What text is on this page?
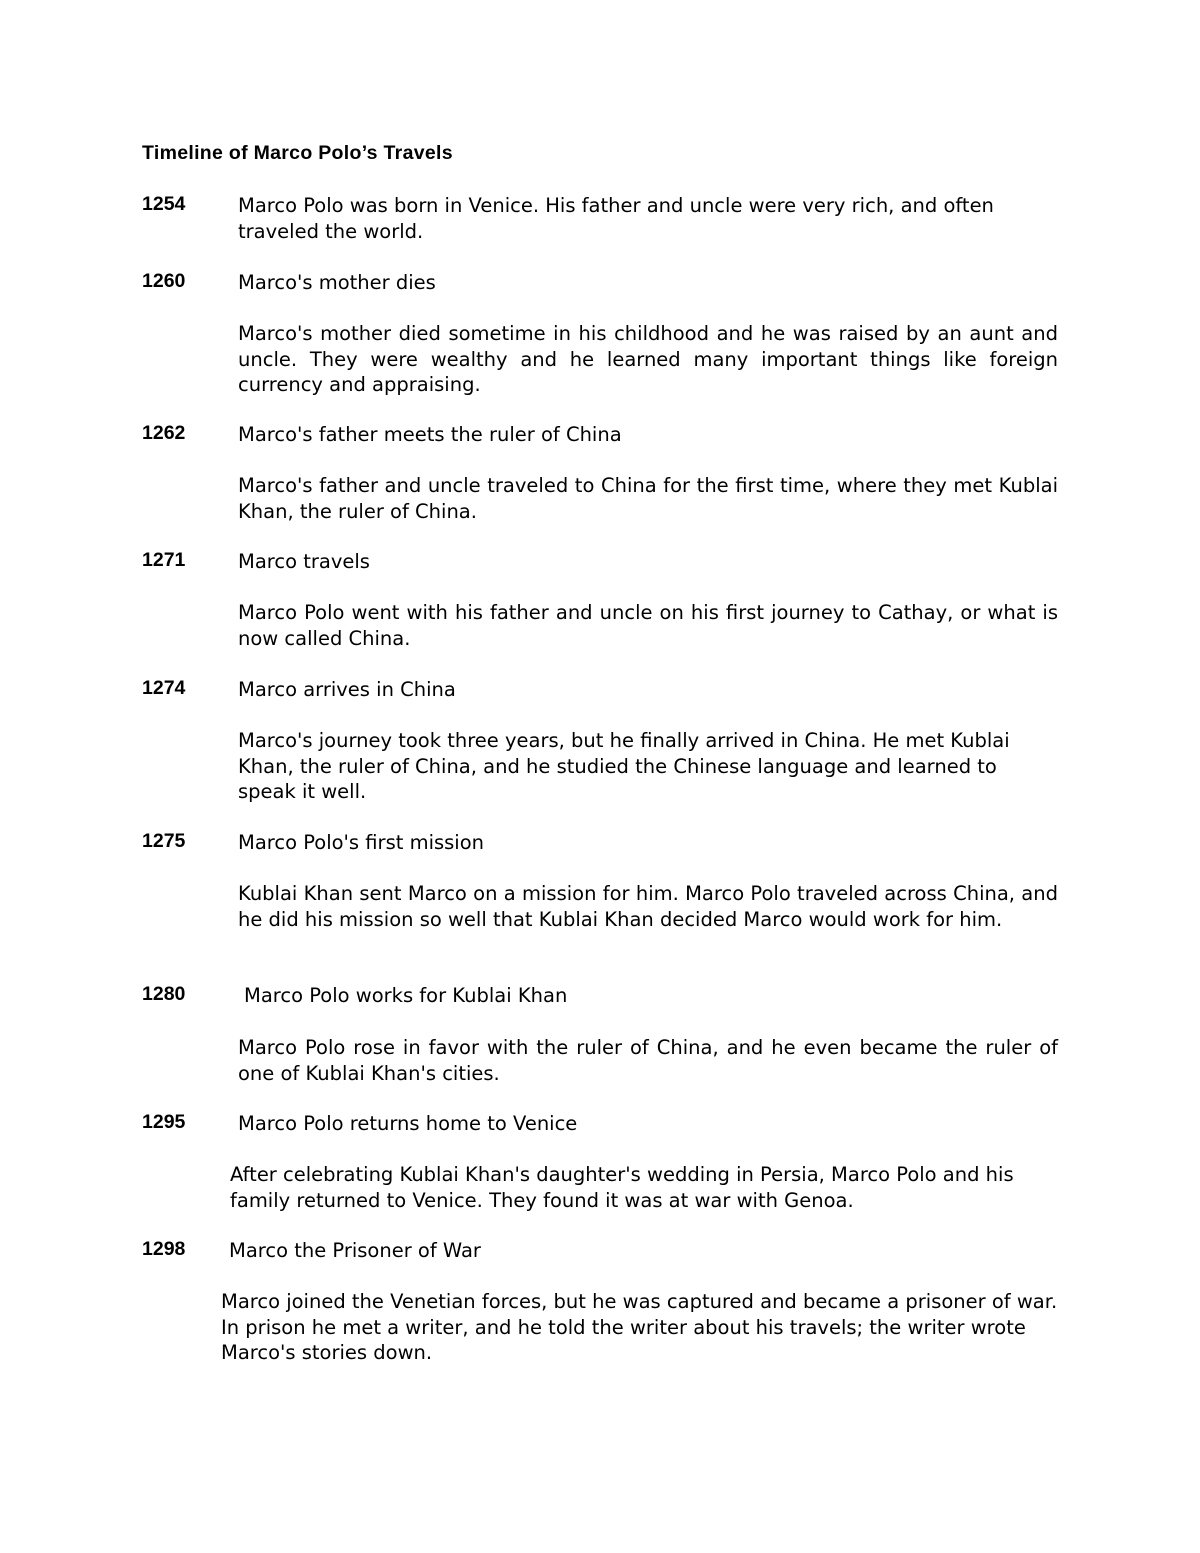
Timeline of Marco Polo’s Travels
1254	Marco Polo was born in Venice. His father and uncle were very rich, and often traveled the world.

1260	Marco's mother dies

Marco's mother died sometime in his childhood and he was raised by an aunt and uncle. They were wealthy and he learned many important things like foreign currency and appraising.

1262	Marco's father meets the ruler of China

Marco's father and uncle traveled to China for the first time, where they met Kublai Khan, the ruler of China.

1271	Marco travels

Marco Polo went with his father and uncle on his first journey to Cathay, or what is now called China.

1274	Marco arrives in China

Marco's journey took three years, but he finally arrived in China. He met Kublai Khan, the ruler of China, and he studied the Chinese language and learned to speak it well.

1275	Marco Polo's first mission

Kublai Khan sent Marco on a mission for him. Marco Polo traveled across China, and he did his mission so well that Kublai Khan decided Marco would work for him.

1280	Marco Polo works for Kublai Khan

Marco Polo rose in favor with the ruler of China, and he even became the ruler of one of Kublai Khan's cities.

1295	Marco Polo returns home to Venice

After celebrating Kublai Khan's daughter's wedding in Persia, Marco Polo and his family returned to Venice. They found it was at war with Genoa.

1298 Marco the Prisoner of War

Marco joined the Venetian forces, but he was captured and became a prisoner of war. In prison he met a writer, and he told the writer about his travels; the writer wrote Marco's stories down.
